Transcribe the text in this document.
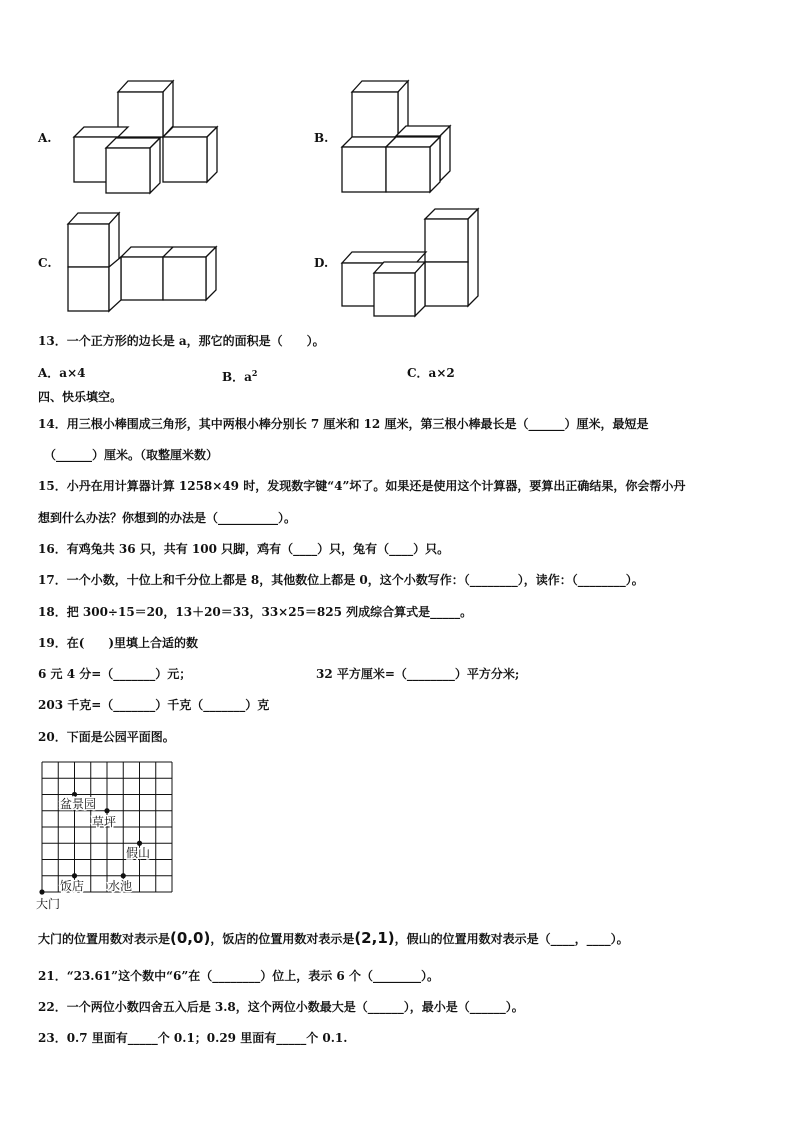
A.	B.
C.	D.
13．一个正方形的边长是 a，那它的面积是（　　）。
A．a×4	B．$a^2$	C．a×2
四、快乐填空。
14．用三根小棒围成三角形，其中两根小棒分别长 7 厘米和 12 厘米，第三根小棒最长是（______）厘米，最短是
（______）厘米。（取整厘米数）
15．小丹在用计算器计算 1258×49 时，发现数字键“4”坏了。如果还是使用这个计算器，要算出正确结果，你会帮小丹
想到什么办法？你想到的办法是（__________）。
16．有鸡兔共 36 只，共有 100 只脚，鸡有（____）只，兔有（____）只。
17．一个小数，十位上和千分位上都是 8，其他数位上都是 0，这个小数写作：（________），读作：（________）。
18．把 300÷15＝20，13＋20＝33，33×25＝825 列成综合算式是_____。
19．在(　　)里填上合适的数
6 元 4 分=（_______）元；	32 平方厘米=（________）平方分米;
203 千克=（_______）千克（_______）克
20．下面是公园平面图。
盆景园
草坪
假山
饭店 水池
大门
大门的位置用数对表示是(0,0)，饭店的位置用数对表示是(2,1)，假山的位置用数对表示是（____，____）。
21．“23.61”这个数中“6”在（________）位上，表示 6 个（________）。
22．一个两位小数四舍五入后是 3.8，这个两位小数最大是（______），最小是（______）。
23．0.7 里面有_____个 0.1；0.29 里面有_____个 0.1.
